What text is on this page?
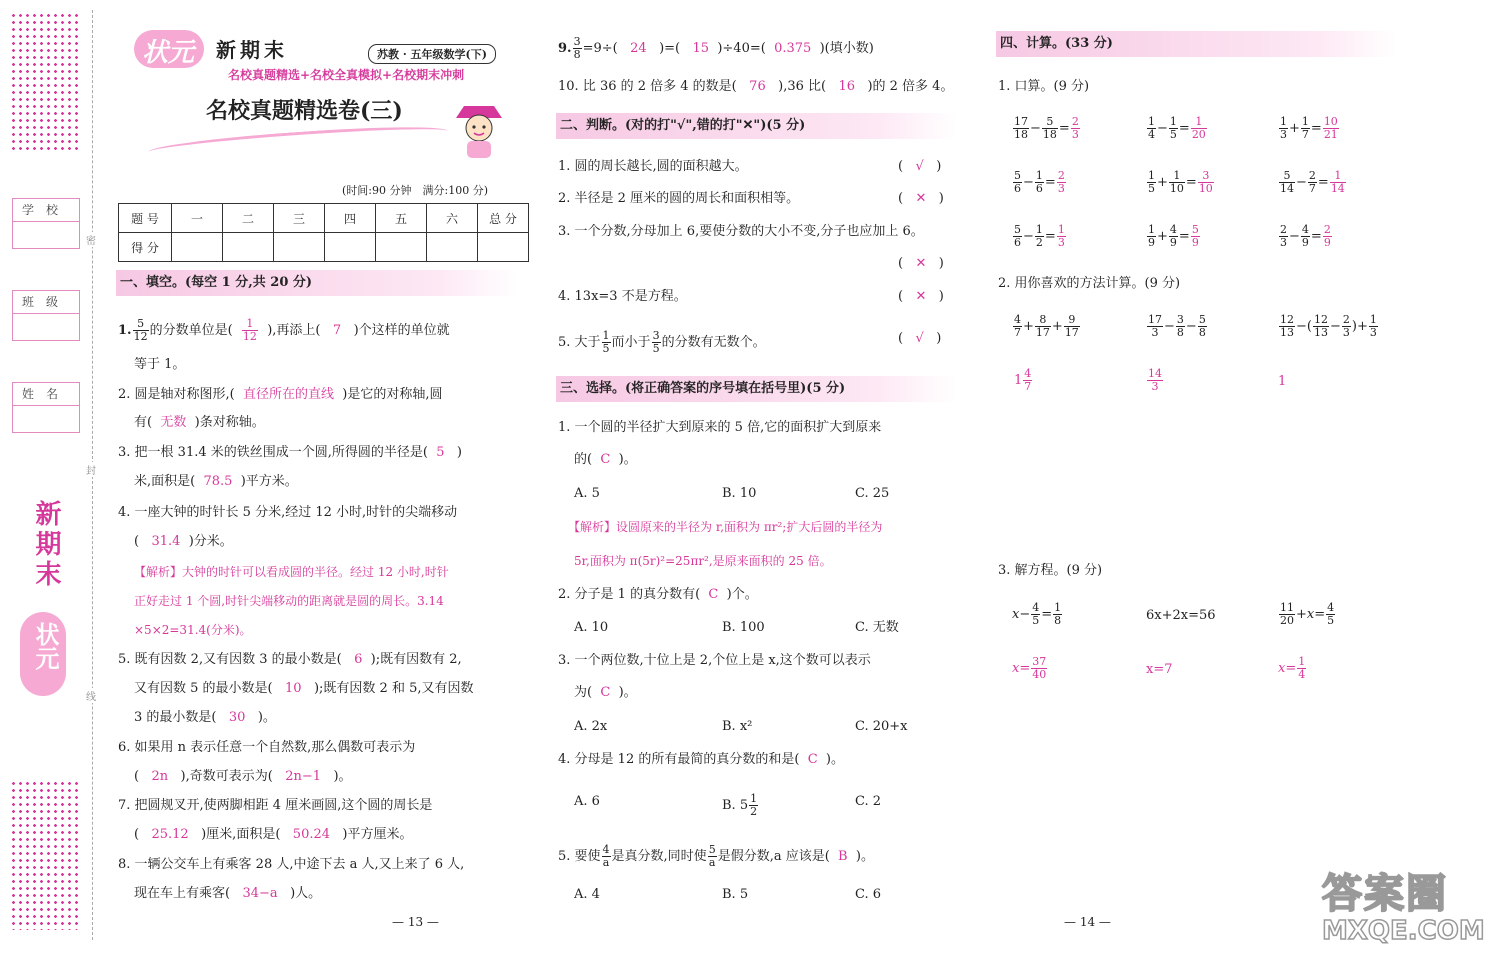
密
封
线
学校
班级
姓名
新期末
状元
状元 新期末	苏教 · 五年级数学(下)
名校真题精选+名校全真模拟+名校期末冲刺
名校真题精选卷(三)
(时间:90 分钟　满分:100 分)
题 号	一	二	三	四	五	六	总 分
得 分							
一、填空。(每空 1 分,共 20 分)
1. $\frac{5}{12}$ 的分数单位是( $\frac{1}{12}$ ),再添上( 7 )个这样的单位就
等于 1。
2. 圆是轴对称图形,( 直径所在的直线 )是它的对称轴,圆
有( 无数 )条对称轴。
3. 把一根 31.4 米的铁丝围成一个圆,所得圆的半径是( 5 )
米,面积是( 78.5 )平方米。
4. 一座大钟的时针长 5 分米,经过 12 小时,时针的尖端移动
( 31.4 )分米。
【解析】大钟的时针可以看成圆的半径。经过 12 小时,时针
正好走过 1 个圆,时针尖端移动的距离就是圆的周长。3.14
×5×2=31.4(分米)。
5. 既有因数 2,又有因数 3 的最小数是( 6 );既有因数有 2,
又有因数 5 的最小数是( 10 );既有因数 2 和 5,又有因数
3 的最小数是( 30 )。
6. 如果用 n 表示任意一个自然数,那么偶数可表示为
( 2n ),奇数可表示为( 2n−1 )。
7. 把圆规叉开,使两脚相距 4 厘米画圆,这个圆的周长是
( 25.12 )厘米,面积是( 50.24 )平方厘米。
8. 一辆公交车上有乘客 28 人,中途下去 a 人,又上来了 6 人,
现在车上有乘客( 34−a )人。
— 13 —
9. $\frac{3}{8} =9\div$( 24 )=( 15 )÷40=( 0.375 )(填小数)
10. 比 36 的 2 倍多 4 的数是( 76 ),36 比( 16 )的 2 倍多 4。
二、判断。(对的打"√",错的打"✕")(5 分)
1. 圆的周长越长,圆的面积越大。	( √ )
2. 半径是 2 厘米的圆的周长和面积相等。	( ✕ )
3. 一个分数,分母加上 6,要使分数的大小不变,分子也应加上 6。
( ✕ )
4. 13x=3 不是方程。	( ✕ )
5. 大于 $\frac{1}{5}$ 而小于 $\frac{3}{5}$ 的分数有无数个。	( √ )
三、选择。(将正确答案的序号填在括号里)(5 分)
1. 一个圆的半径扩大到原来的 5 倍,它的面积扩大到原来
的( C )。
A. 5	B. 10	C. 25
【解析】设圆原来的半径为 r,面积为 πr²;扩大后圆的半径为
5r,面积为 π(5r)²=25πr²,是原来面积的 25 倍。
2. 分子是 1 的真分数有( C )个。
A. 10	B. 100	C. 无数
3. 一个两位数,十位上是 2,个位上是 x,这个数可以表示
为( C )。
A. 2x	B. x²	C. 20+x
4. 分母是 12 的所有最简的真分数的和是( C )。
A. 6	B. $5 \frac{1}{2}$	C. 2
5. 要使 $\frac{4}{a}$ 是真分数,同时使 $\frac{5}{a}$ 是假分数,a 应该是( B )。
A. 4	B. 5	C. 6
四、计算。(33 分)
1. 口算。(9 分)
$\frac{17}{18} - \frac{5}{18} = \frac{2}{3}$	$\frac{1}{4} - \frac{1}{5} = \frac{1}{20}$	$\frac{1}{3} + \frac{1}{7} = \frac{10}{21}$
$\frac{5}{6} - \frac{1}{6} = \frac{2}{3}$	$\frac{1}{5} + \frac{1}{10} = \frac{3}{10}$	$\frac{5}{14} - \frac{2}{7} = \frac{1}{14}$
$\frac{5}{6} - \frac{1}{2} = \frac{1}{3}$	$\frac{1}{9} + \frac{4}{9} = \frac{5}{9}$	$\frac{2}{3} - \frac{4}{9} = \frac{2}{9}$
2. 用你喜欢的方法计算。(9 分)
$\frac{4}{7} + \frac{8}{17} + \frac{9}{17}$	$\frac{17}{3} - \frac{3}{8} - \frac{5}{8}$	$\frac{12}{13}$ −( $\frac{12}{13} - \frac{2}{3}$ )+ $\frac{1}{3}$
$1 \frac{4}{7}$	$\frac{14}{3}$	1
3. 解方程。(9 分)
$x- \frac{4}{5} = \frac{1}{8}$	6x+2x=56	$\frac{11}{20} +x= \frac{4}{5}$
$x= \frac{37}{40}$	x=7	$x= \frac{1}{4}$
— 14 —
答案圈
MXQE.COM
